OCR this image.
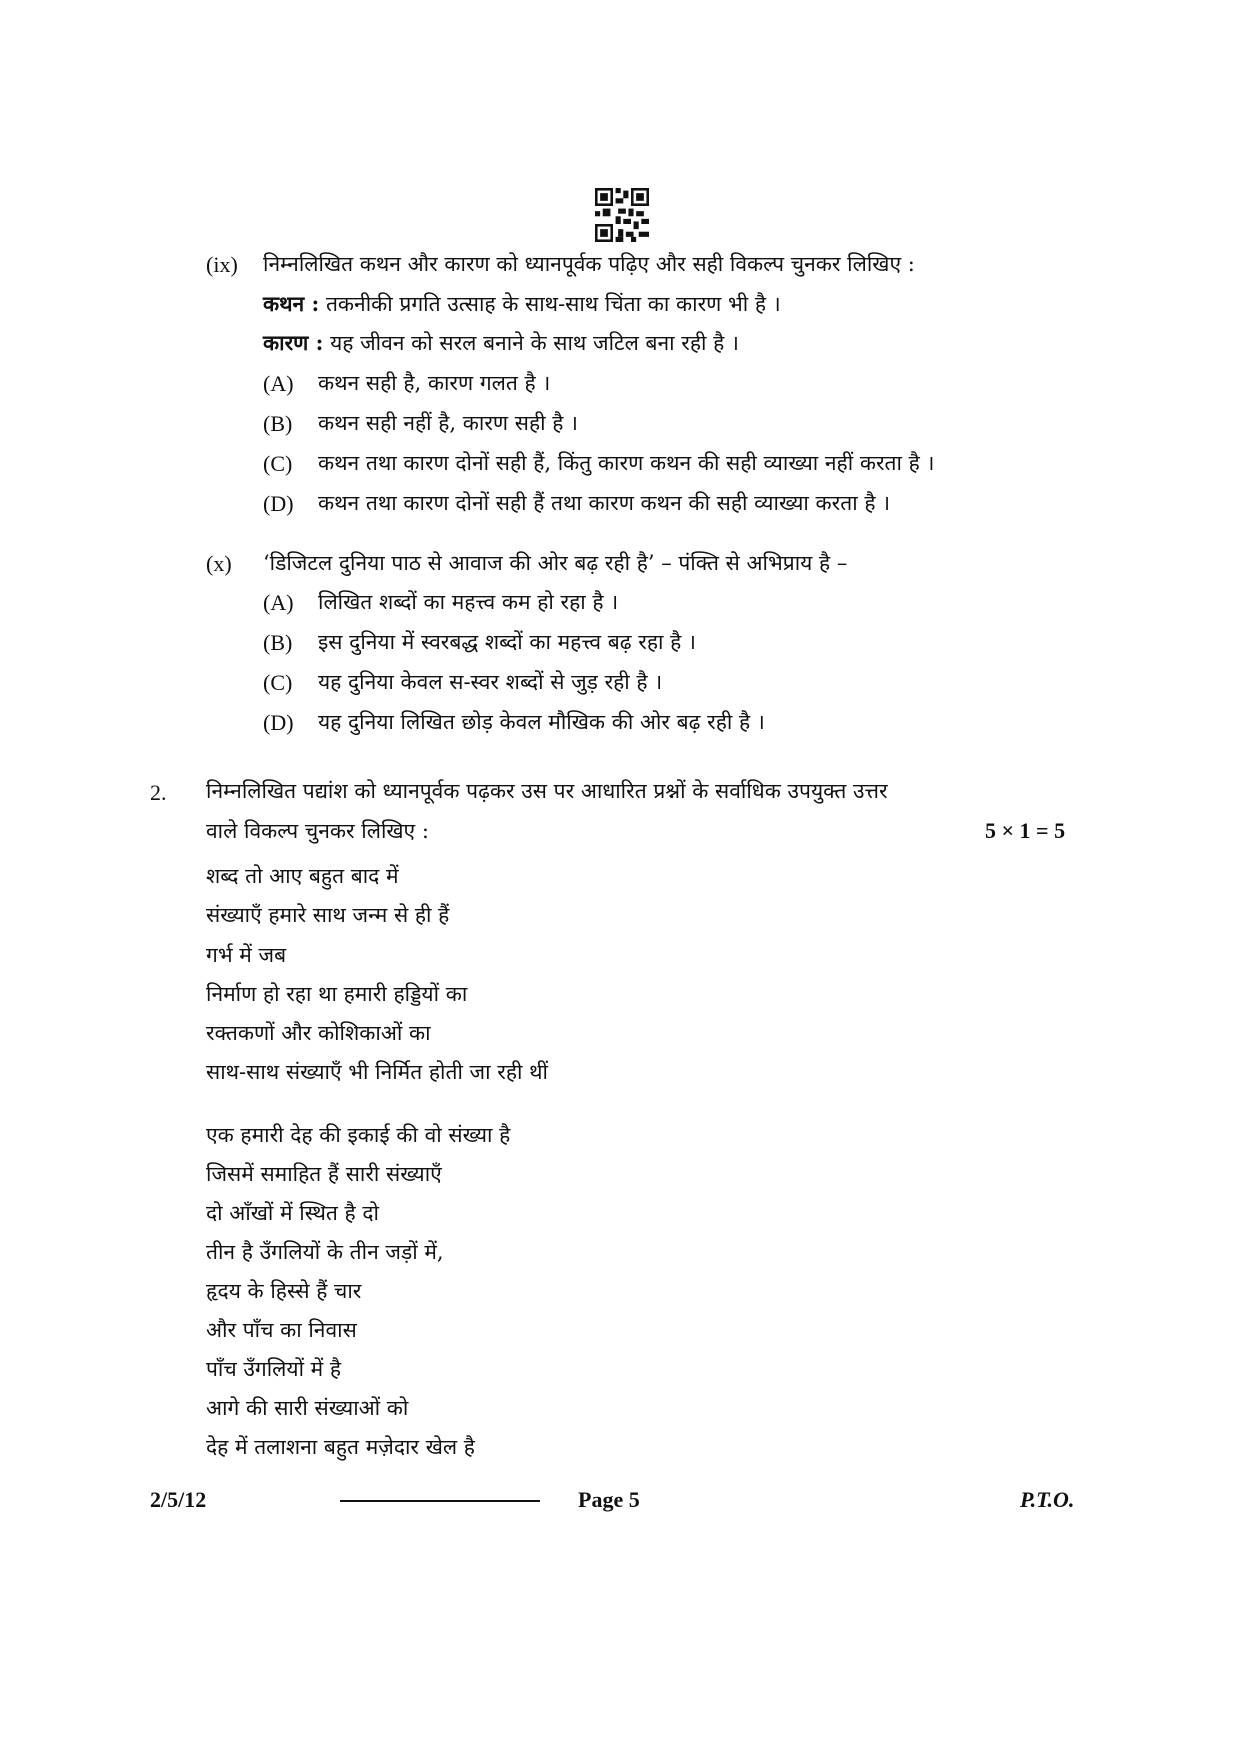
(ix) निम्नलिखित कथन और कारण को ध्यानपूर्वक पढ़िए और सही विकल्प चुनकर लिखिए :
कथन : तकनीकी प्रगति उत्साह के साथ-साथ चिंता का कारण भी है ।
कारण : यह जीवन को सरल बनाने के साथ जटिल बना रही है ।
(A) कथन सही है, कारण गलत है ।
(B) कथन सही नहीं है, कारण सही है ।
(C) कथन तथा कारण दोनों सही हैं, किंतु कारण कथन की सही व्याख्या नहीं करता है ।
(D) कथन तथा कारण दोनों सही हैं तथा कारण कथन की सही व्याख्या करता है ।
(x) ‘डिजिटल दुनिया पाठ से आवाज की ओर बढ़ रही है’ – पंक्ति से अभिप्राय है –
(A) लिखित शब्दों का महत्त्व कम हो रहा है ।
(B) इस दुनिया में स्वरबद्ध शब्दों का महत्त्व बढ़ रहा है ।
(C) यह दुनिया केवल स-स्वर शब्दों से जुड़ रही है ।
(D) यह दुनिया लिखित छोड़ केवल मौखिक की ओर बढ़ रही है ।
2. निम्नलिखित पद्यांश को ध्यानपूर्वक पढ़कर उस पर आधारित प्रश्नों के सर्वाधिक उपयुक्त उत्तर
वाले विकल्प चुनकर लिखिए :	5 × 1 = 5
शब्द तो आए बहुत बाद में
संख्याएँ हमारे साथ जन्म से ही हैं
गर्भ में जब
निर्माण हो रहा था हमारी हड्डियों का
रक्तकणों और कोशिकाओं का
साथ-साथ संख्याएँ भी निर्मित होती जा रही थीं
एक हमारी देह की इकाई की वो संख्या है
जिसमें समाहित हैं सारी संख्याएँ
दो आँखों में स्थित है दो
तीन है उँगलियों के तीन जड़ों में,
हृदय के हिस्से हैं चार
और पाँच का निवास
पाँच उँगलियों में है
आगे की सारी संख्याओं को
देह में तलाशना बहुत मज़ेदार खेल है
2/5/12	Page 5	P.T.O.
